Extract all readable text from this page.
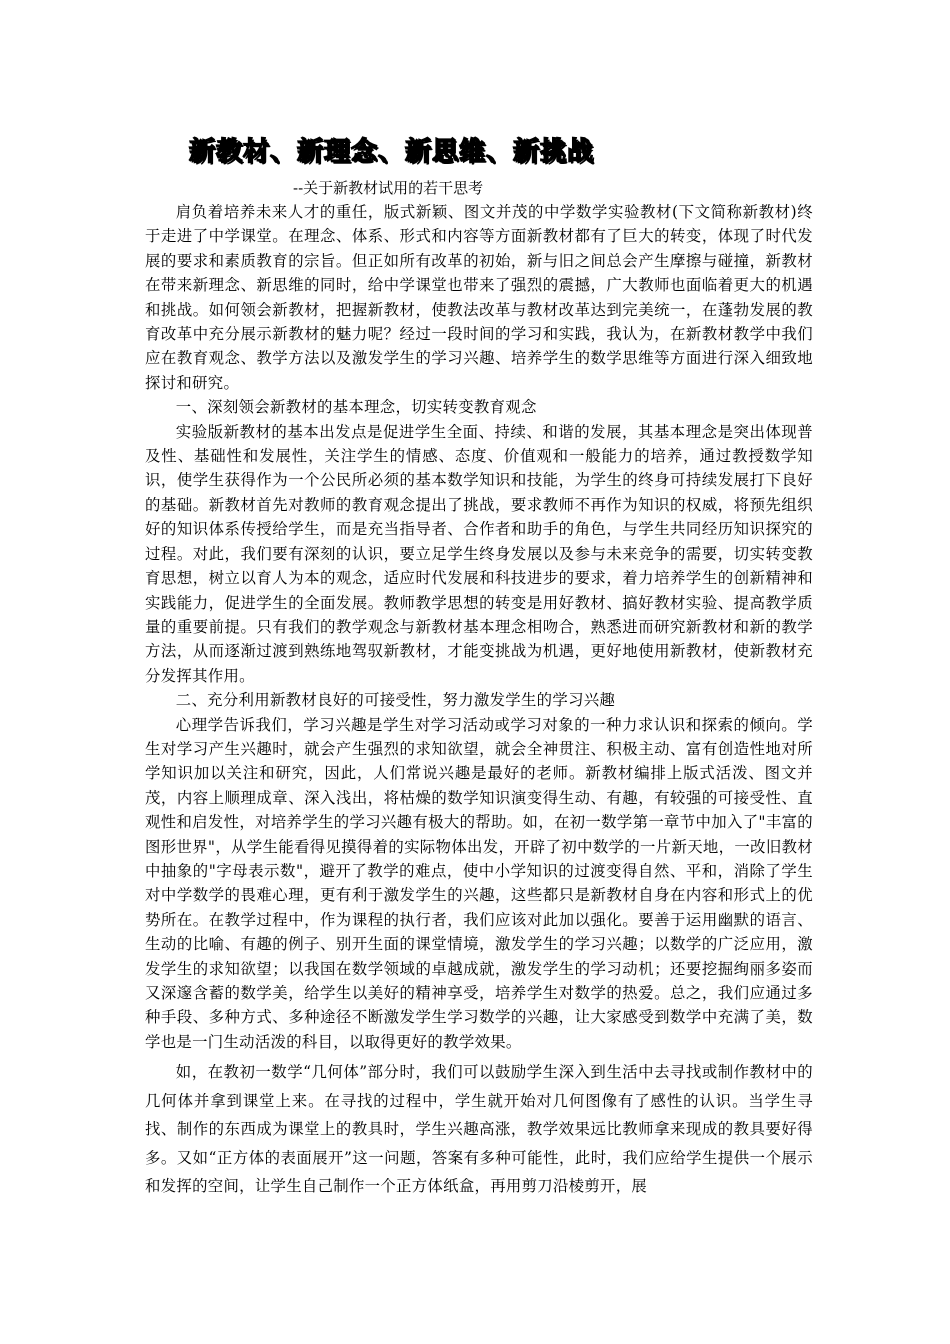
新教材、新理念、新思维、新挑战
--关于新教材试用的若干思考

肩负着培养未来人才的重任，版式新颖、图文并茂的中学数学实验教材(下文简称新教材)终于走进了中学课堂。在理念、体系、形式和内容等方面新教材都有了巨大的转变，体现了时代发展的要求和素质教育的宗旨。但正如所有改革的初始，新与旧之间总会产生摩擦与碰撞，新教材在带来新理念、新思维的同时，给中学课堂也带来了强烈的震撼，广大教师也面临着更大的机遇和挑战。如何领会新教材，把握新教材，使教法改革与教材改革达到完美统一，在蓬勃发展的教育改革中充分展示新教材的魅力呢？经过一段时间的学习和实践，我认为，在新教材教学中我们应在教育观念、教学方法以及激发学生的学习兴趣、培养学生的数学思维等方面进行深入细致地探讨和研究。

一、深刻领会新教材的基本理念，切实转变教育观念

实验版新教材的基本出发点是促进学生全面、持续、和谐的发展，其基本理念是突出体现普及性、基础性和发展性，关注学生的情感、态度、价值观和一般能力的培养，通过教授数学知识，使学生获得作为一个公民所必须的基本数学知识和技能，为学生的终身可持续发展打下良好的基础。新教材首先对教师的教育观念提出了挑战，要求教师不再作为知识的权威，将预先组织好的知识体系传授给学生，而是充当指导者、合作者和助手的角色，与学生共同经历知识探究的过程。对此，我们要有深刻的认识，要立足学生终身发展以及参与未来竞争的需要，切实转变教育思想，树立以育人为本的观念，适应时代发展和科技进步的要求，着力培养学生的创新精神和实践能力，促进学生的全面发展。教师教学思想的转变是用好教材、搞好教材实验、提高教学质量的重要前提。只有我们的教学观念与新教材基本理念相吻合，熟悉进而研究新教材和新的教学方法，从而逐渐过渡到熟练地驾驭新教材，才能变挑战为机遇，更好地使用新教材，使新教材充分发挥其作用。

二、充分利用新教材良好的可接受性，努力激发学生的学习兴趣

心理学告诉我们，学习兴趣是学生对学习活动或学习对象的一种力求认识和探索的倾向。学生对学习产生兴趣时，就会产生强烈的求知欲望，就会全神贯注、积极主动、富有创造性地对所学知识加以关注和研究，因此，人们常说兴趣是最好的老师。新教材编排上版式活泼、图文并茂，内容上顺理成章、深入浅出，将枯燥的数学知识演变得生动、有趣，有较强的可接受性、直观性和启发性，对培养学生的学习兴趣有极大的帮助。如，在初一数学第一章节中加入了"丰富的图形世界"，从学生能看得见摸得着的实际物体出发，开辟了初中数学的一片新天地，一改旧教材中抽象的"字母表示数"，避开了教学的难点，使中小学知识的过渡变得自然、平和，消除了学生对中学数学的畏难心理，更有利于激发学生的兴趣，这些都只是新教材自身在内容和形式上的优势所在。在教学过程中，作为课程的执行者，我们应该对此加以强化。要善于运用幽默的语言、生动的比喻、有趣的例子、别开生面的课堂情境，激发学生的学习兴趣；以数学的广泛应用，激发学生的求知欲望；以我国在数学领域的卓越成就，激发学生的学习动机；还要挖掘绚丽多姿而又深邃含蓄的数学美，给学生以美好的精神享受，培养学生对数学的热爱。总之，我们应通过多种手段、多种方式、多种途径不断激发学生学习数学的兴趣，让大家感受到数学中充满了美，数学也是一门生动活泼的科目，以取得更好的教学效果。

如，在教初一数学“几何体”部分时，我们可以鼓励学生深入到生活中去寻找或制作教材中的几何体并拿到课堂上来。在寻找的过程中，学生就开始对几何图像有了感性的认识。当学生寻找、制作的东西成为课堂上的教具时，学生兴趣高涨，教学效果远比教师拿来现成的教具要好得多。又如“正方体的表面展开”这一问题，答案有多种可能性，此时，我们应给学生提供一个展示和发挥的空间，让学生自己制作一个正方体纸盒，再用剪刀沿棱剪开，展
